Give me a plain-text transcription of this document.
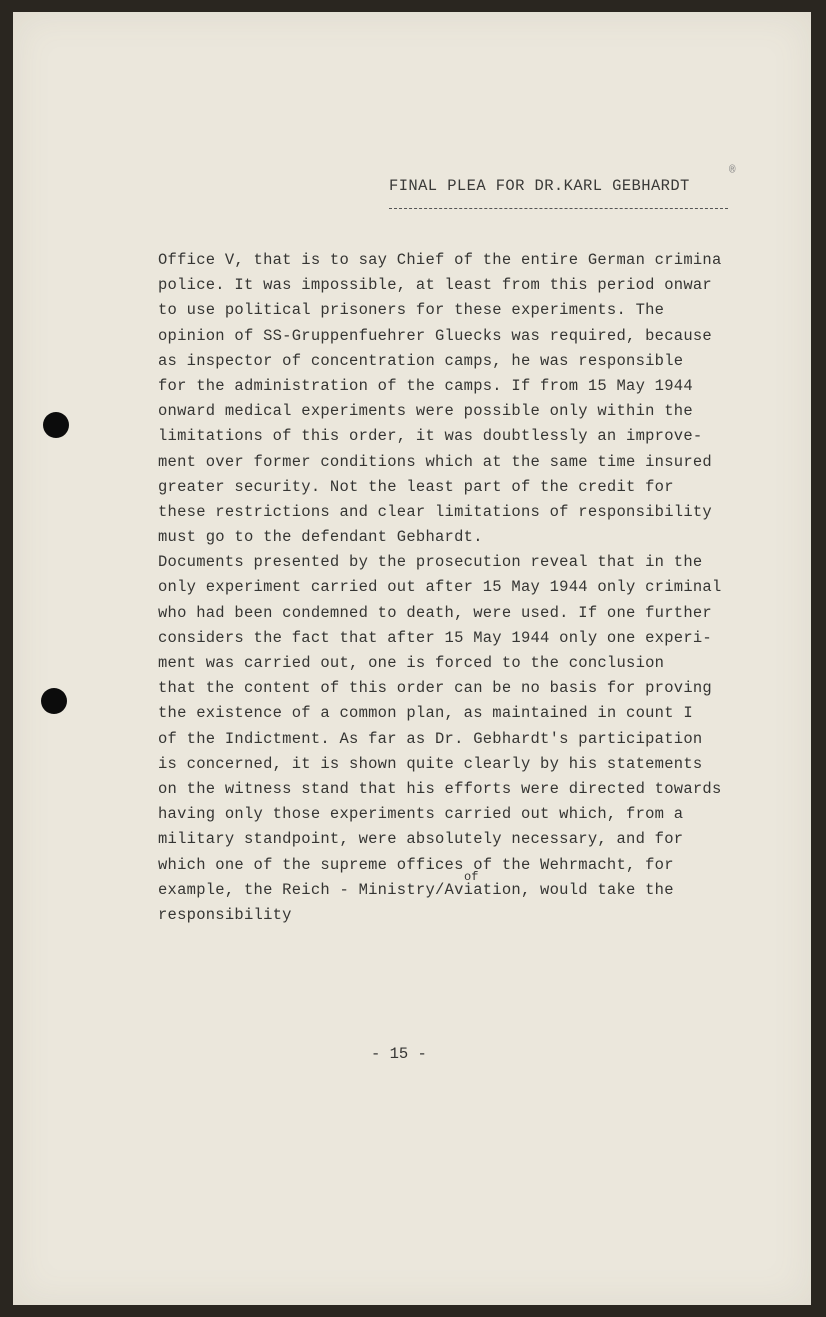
®
FINAL PLEA FOR DR.KARL GEBHARDT
Office V, that is to say Chief of the entire German crimina
police. It was impossible, at least from this period onwar
to use political prisoners for these experiments. The
opinion of SS-Gruppenfuehrer Gluecks was required, because
as inspector of concentration camps, he was responsible
for the administration of the camps. If from 15 May 1944
onward medical experiments were possible only within the
limitations of this order, it was doubtlessly an improve-
ment over former conditions which at the same time insured
greater security. Not the least part of the credit for
these restrictions and clear limitations of responsibility
must go to the defendant Gebhardt.
Documents presented by the prosecution reveal that in the
only experiment carried out after 15 May 1944 only criminal
who had been condemned to death, were used. If one further
considers the fact that after 15 May 1944 only one experi-
ment was carried out, one is forced to the conclusion
that the content of this order can be no basis for proving
the existence of a common plan, as maintained in count I
of the Indictment. As far as Dr. Gebhardt's participation
is concerned, it is shown quite clearly by his statements
on the witness stand that his efforts were directed towards
having only those experiments carried out which, from a
military standpoint, were absolutely necessary, and for
which one of the supreme offices of the Wehrmacht, for
example, the Reich - Ministry/Aviation, would take the
responsibility
of
- 15 -
